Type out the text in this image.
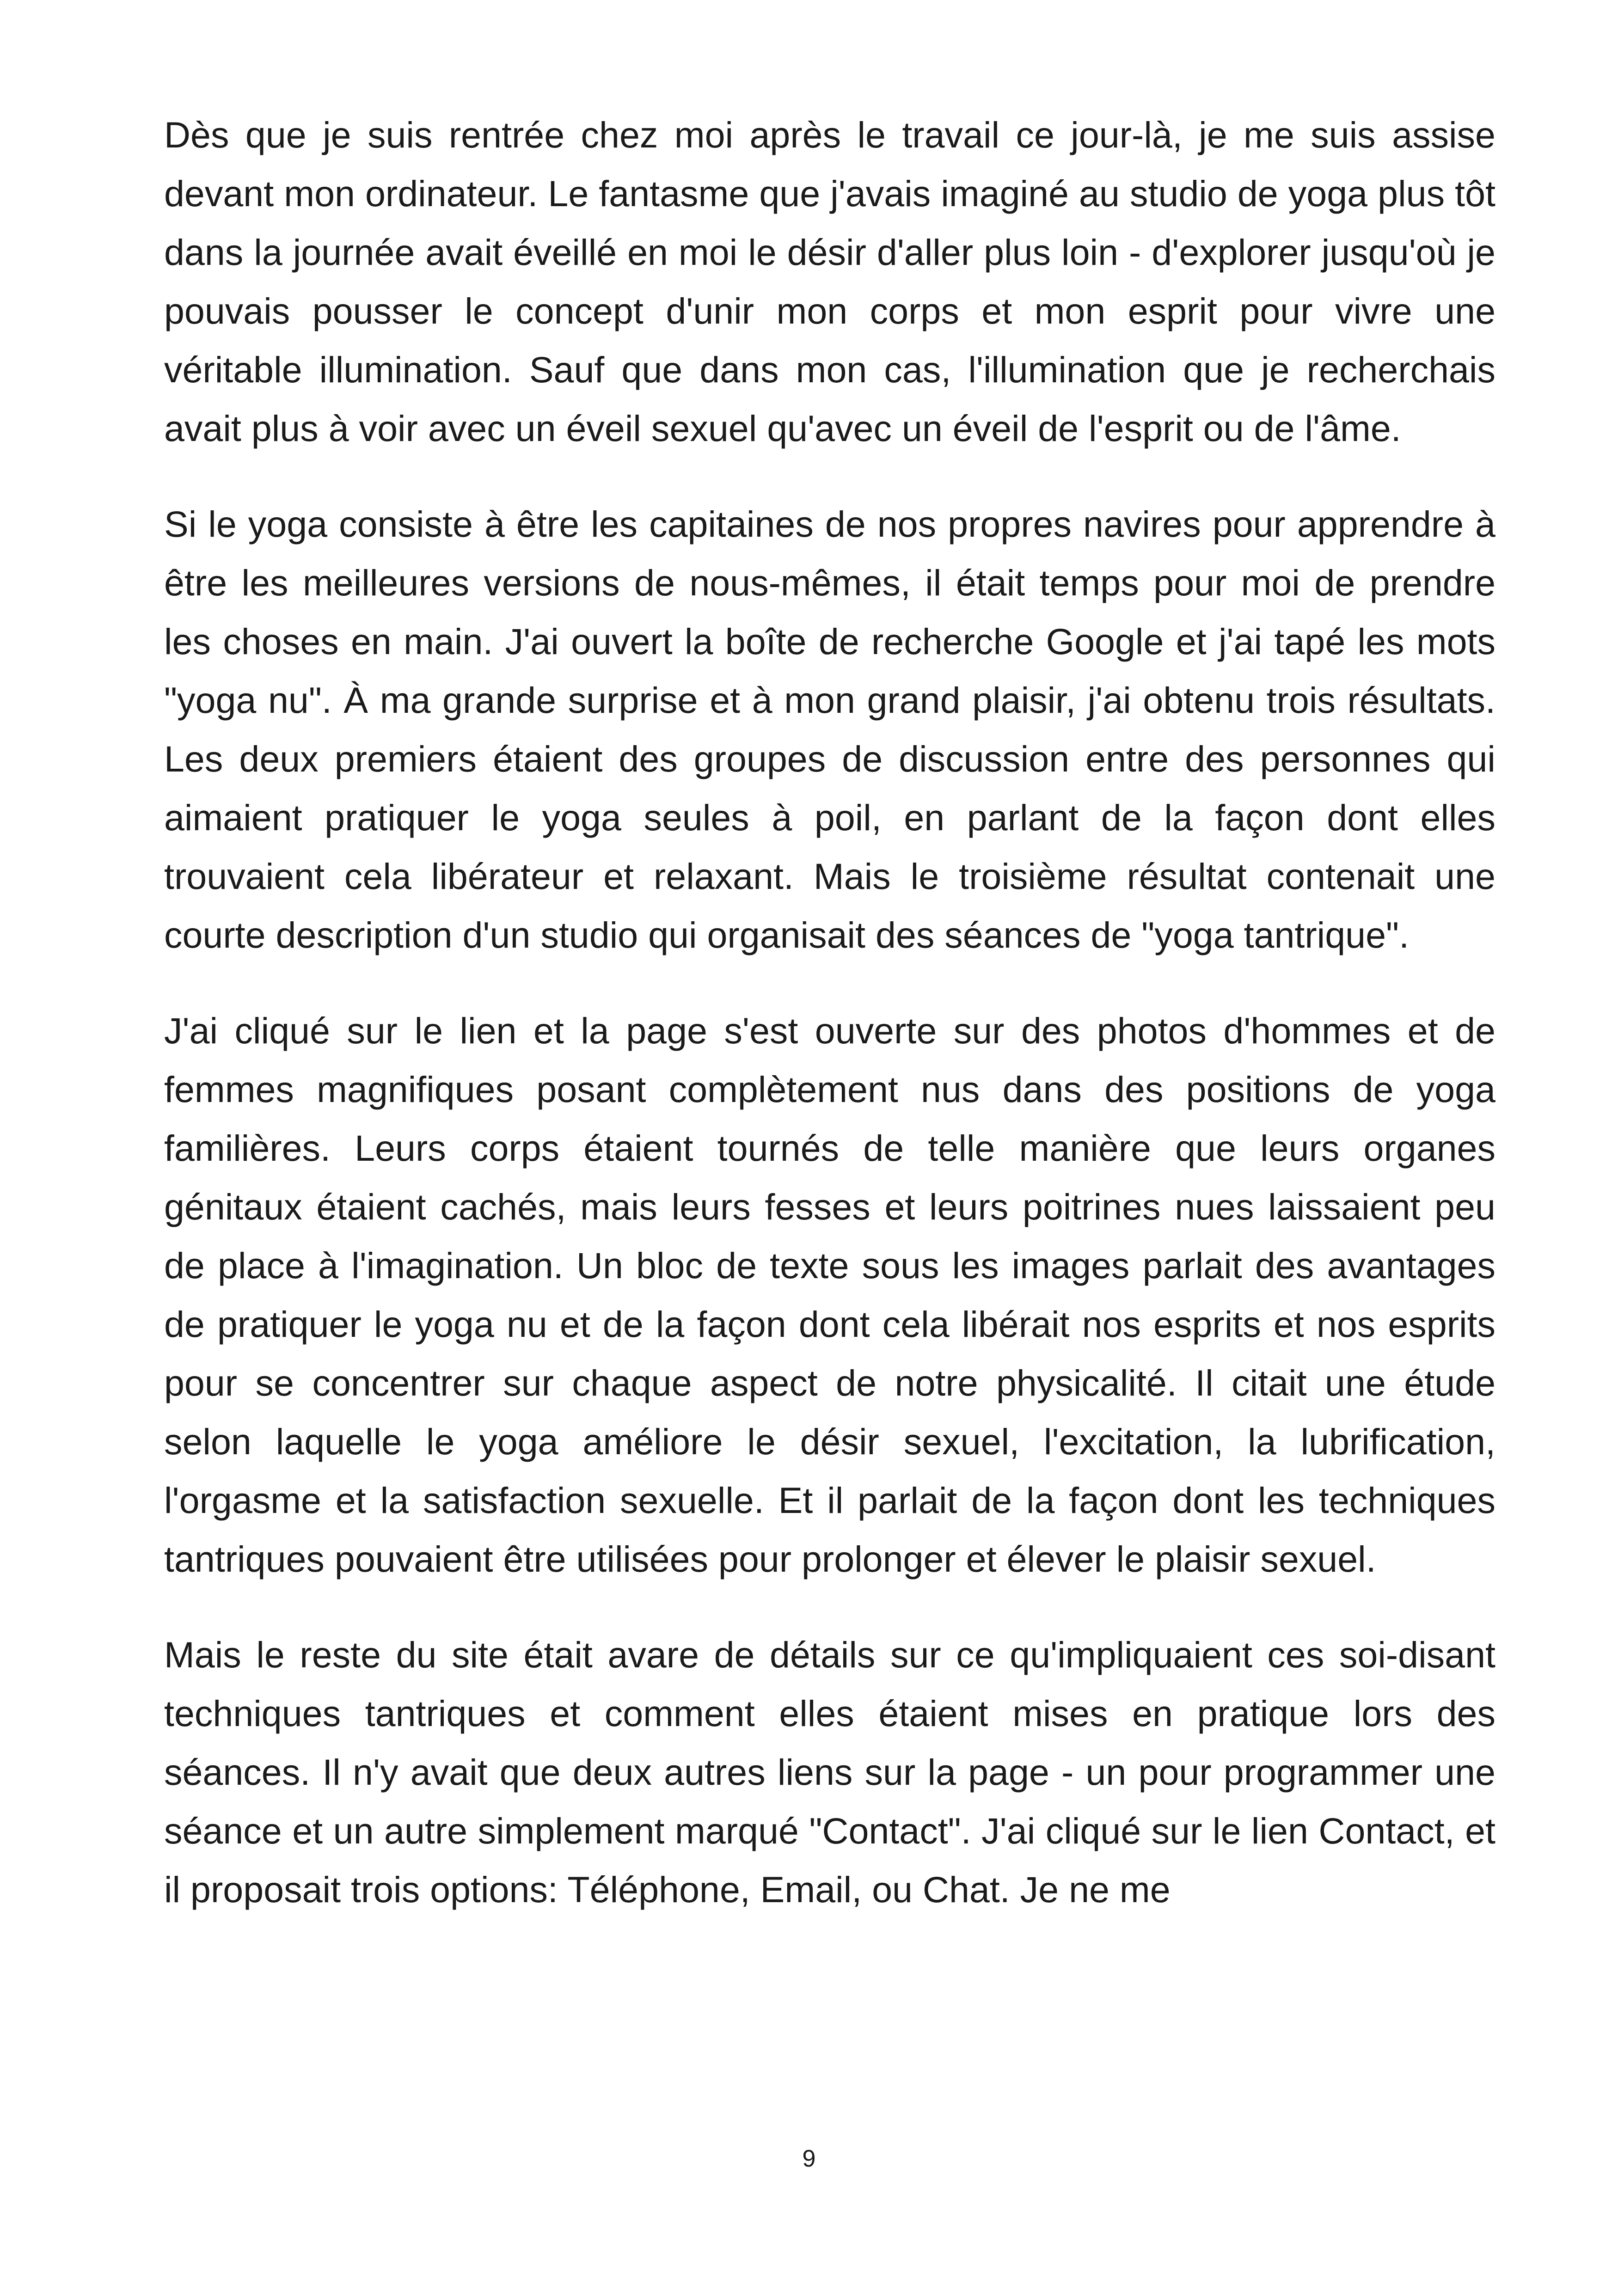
Dès que je suis rentrée chez moi après le travail ce jour-là, je me suis assise devant mon ordinateur. Le fantasme que j'avais imaginé au studio de yoga plus tôt dans la journée avait éveillé en moi le désir d'aller plus loin - d'explorer jusqu'où je pouvais pousser le concept d'unir mon corps et mon esprit pour vivre une véritable illumination. Sauf que dans mon cas, l'illumination que je recherchais avait plus à voir avec un éveil sexuel qu'avec un éveil de l'esprit ou de l'âme.

Si le yoga consiste à être les capitaines de nos propres navires pour apprendre à être les meilleures versions de nous-mêmes, il était temps pour moi de prendre les choses en main. J'ai ouvert la boîte de recherche Google et j'ai tapé les mots "yoga nu". À ma grande surprise et à mon grand plaisir, j'ai obtenu trois résultats. Les deux premiers étaient des groupes de discussion entre des personnes qui aimaient pratiquer le yoga seules à poil, en parlant de la façon dont elles trouvaient cela libérateur et relaxant. Mais le troisième résultat contenait une courte description d'un studio qui organisait des séances de "yoga tantrique".

J'ai cliqué sur le lien et la page s'est ouverte sur des photos d'hommes et de femmes magnifiques posant complètement nus dans des positions de yoga familières. Leurs corps étaient tournés de telle manière que leurs organes génitaux étaient cachés, mais leurs fesses et leurs poitrines nues laissaient peu de place à l'imagination. Un bloc de texte sous les images parlait des avantages de pratiquer le yoga nu et de la façon dont cela libérait nos esprits et nos esprits pour se concentrer sur chaque aspect de notre physicalité. Il citait une étude selon laquelle le yoga améliore le désir sexuel, l'excitation, la lubrification, l'orgasme et la satisfaction sexuelle. Et il parlait de la façon dont les techniques tantriques pouvaient être utilisées pour prolonger et élever le plaisir sexuel.

Mais le reste du site était avare de détails sur ce qu'impliquaient ces soi-disant techniques tantriques et comment elles étaient mises en pratique lors des séances. Il n'y avait que deux autres liens sur la page - un pour programmer une séance et un autre simplement marqué "Contact". J'ai cliqué sur le lien Contact, et il proposait trois options: Téléphone, Email, ou Chat. Je ne me

9
